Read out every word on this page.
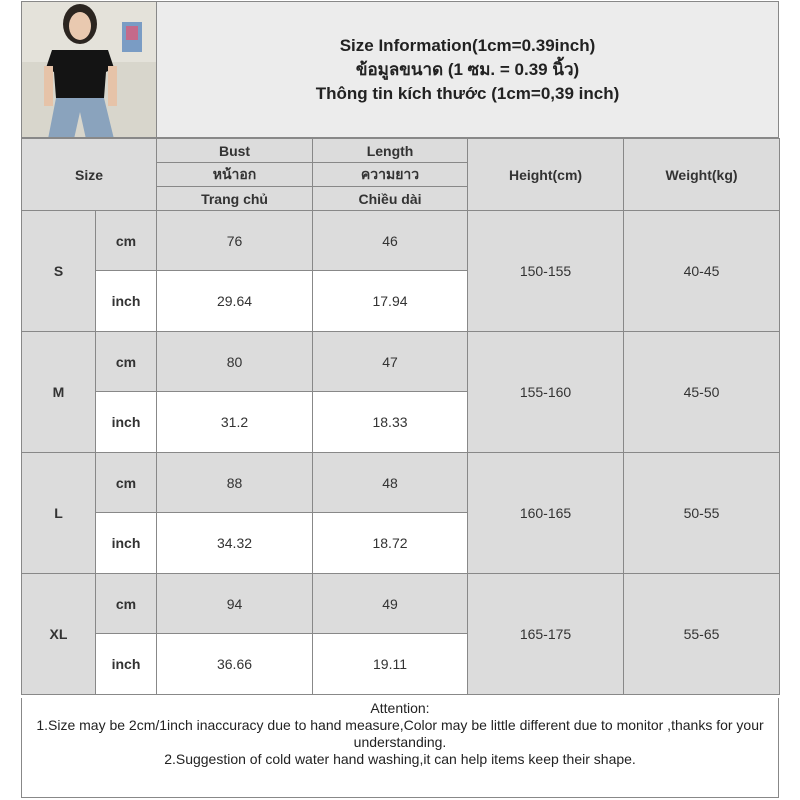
Size Information(1cm=0.39inch)
ข้อมูลขนาด (1 ซม. = 0.39 นิ้ว)
Thông tin kích thước (1cm=0,39 inch)
Size		Bust	Length	Height(cm)	Weight(kg)
		หน้าอก	ความยาว		
		Trang chủ	Chiều dài		
S	cm	76	46	150-155	40-45
	inch	29.64	17.94		
M	cm	80	47	155-160	45-50
	inch	31.2	18.33		
L	cm	88	48	160-165	50-55
	inch	34.32	18.72		
XL	cm	94	49	165-175	55-65
	inch	36.66	19.11		
Attention:
1.Size may be 2cm/1inch inaccuracy due to hand measure,Color may be little different due to monitor ,thanks for your understanding.
2.Suggestion of cold water hand washing,it can help items keep their shape.
